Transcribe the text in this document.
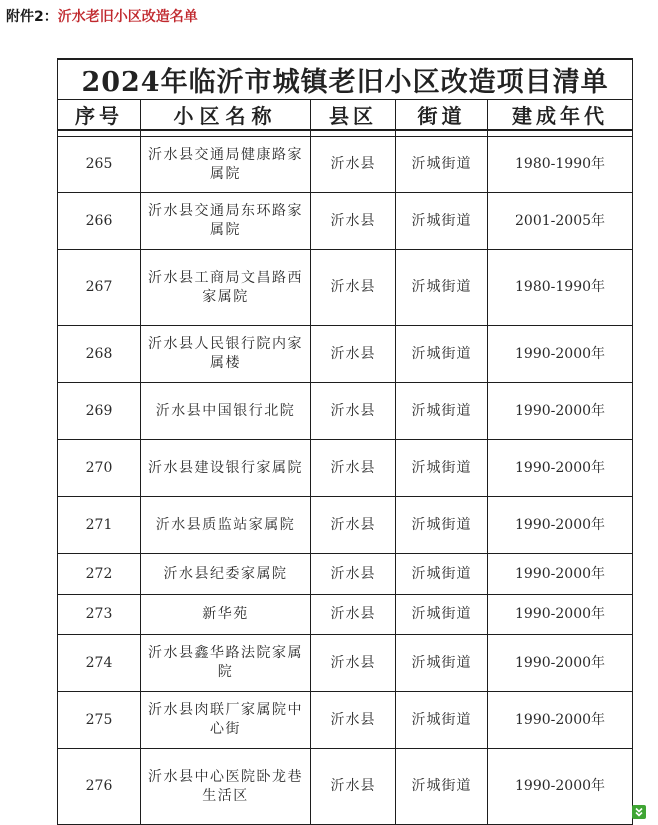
附件2：沂水老旧小区改造名单
2024年临沂市城镇老旧小区改造项目清单				
序号	小区名称	县区	街道	建成年代

265	沂水县交通局健康路家属院	沂水县	沂城街道	1980-1990年
266	沂水县交通局东环路家属院	沂水县	沂城街道	2001-2005年
267	沂水县工商局文昌路西家属院	沂水县	沂城街道	1980-1990年
268	沂水县人民银行院内家属楼	沂水县	沂城街道	1990-2000年
269	沂水县中国银行北院	沂水县	沂城街道	1990-2000年
270	沂水县建设银行家属院	沂水县	沂城街道	1990-2000年
271	沂水县质监站家属院	沂水县	沂城街道	1990-2000年
272	沂水县纪委家属院	沂水县	沂城街道	1990-2000年
273	新华苑	沂水县	沂城街道	1990-2000年
274	沂水县鑫华路法院家属院	沂水县	沂城街道	1990-2000年
275	沂水县肉联厂家属院中心街	沂水县	沂城街道	1990-2000年
276	沂水县中心医院卧龙巷生活区	沂水县	沂城街道	1990-2000年
